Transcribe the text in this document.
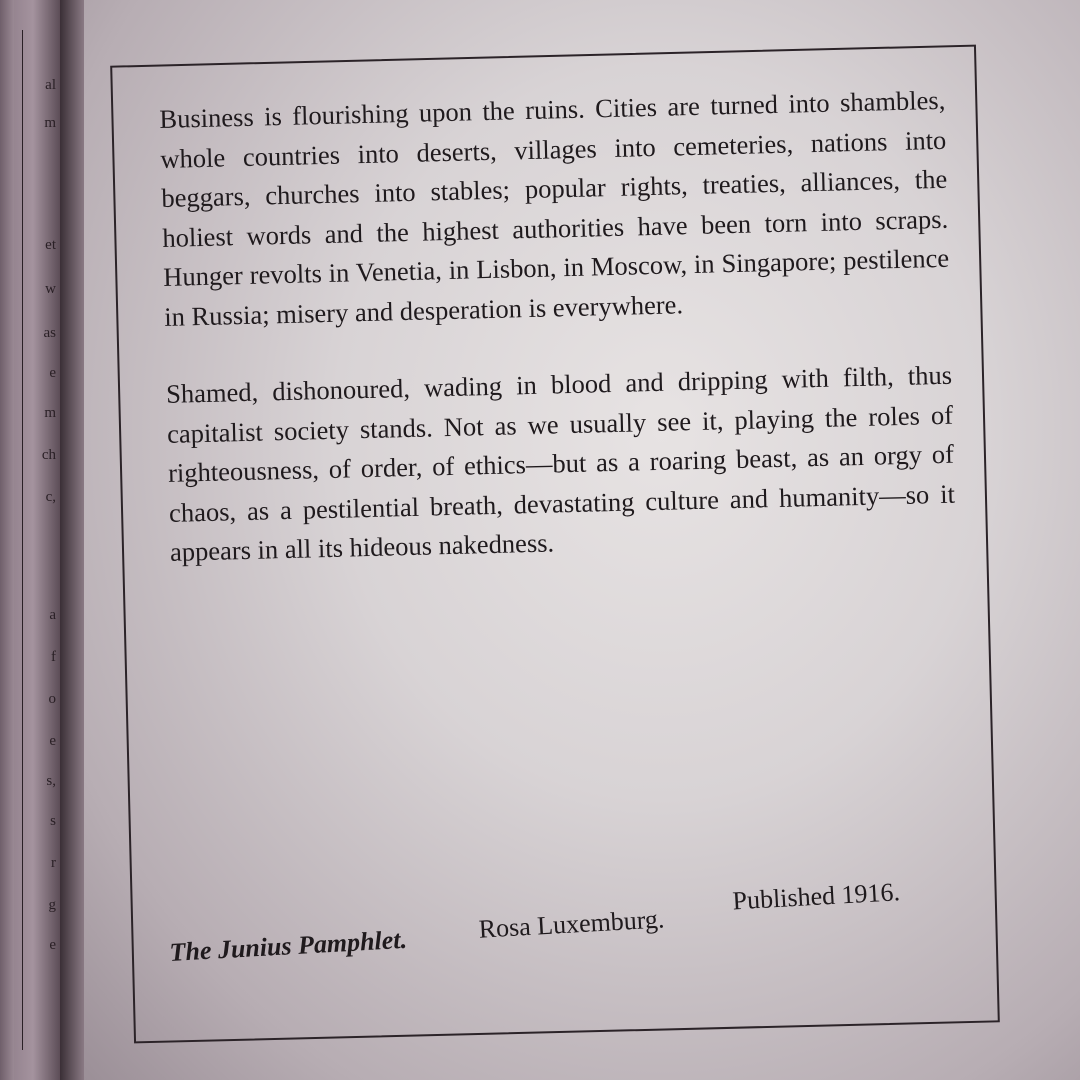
al
m
et
w
as
e
m
ch
c,
a
f
o
e
s,
s
r
g
e

Business is flourishing upon the ruins. Cities are turned into shambles, whole countries into deserts, villages into cemeteries, nations into beggars, churches into stables; popular rights, treaties, alliances, the holiest words and the highest authorities have been torn into scraps. Hunger revolts in Venetia, in Lisbon, in Moscow, in Singapore; pestilence in Russia; misery and desperation is everywhere.

Shamed, dishonoured, wading in blood and dripping with filth, thus capitalist society stands. Not as we usually see it, playing the roles of righteousness, of order, of ethics—but as a roaring beast, as an orgy of chaos, as a pestilential breath, devastating culture and humanity—so it appears in all its hideous nakedness.

The Junius Pamphlet.
Rosa Luxemburg.
Published 1916.
